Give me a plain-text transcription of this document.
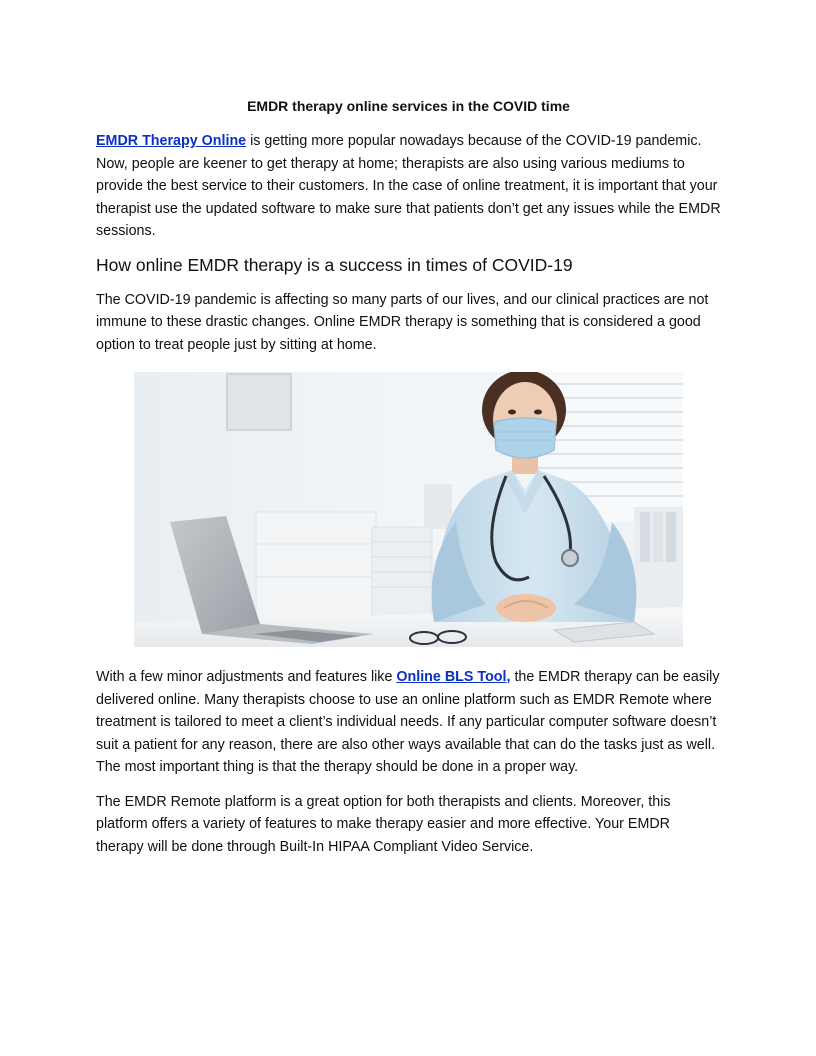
EMDR therapy online services in the COVID time

EMDR Therapy Online is getting more popular nowadays because of the COVID-19 pandemic. Now, people are keener to get therapy at home; therapists are also using various mediums to provide the best service to their customers. In the case of online treatment, it is important that your therapist use the updated software to make sure that patients don’t get any issues while the EMDR sessions.

How online EMDR therapy is a success in times of COVID-19

The COVID-19 pandemic is affecting so many parts of our lives, and our clinical practices are not immune to these drastic changes. Online EMDR therapy is something that is considered a good option to treat people just by sitting at home.

With a few minor adjustments and features like Online BLS Tool, the EMDR therapy can be easily delivered online. Many therapists choose to use an online platform such as EMDR Remote where treatment is tailored to meet a client’s individual needs. If any particular computer software doesn’t suit a patient for any reason, there are also other ways available that can do the tasks just as well. The most important thing is that the therapy should be done in a proper way.

The EMDR Remote platform is a great option for both therapists and clients. Moreover, this platform offers a variety of features to make therapy easier and more effective. Your EMDR therapy will be done through Built-In HIPAA Compliant Video Service.
